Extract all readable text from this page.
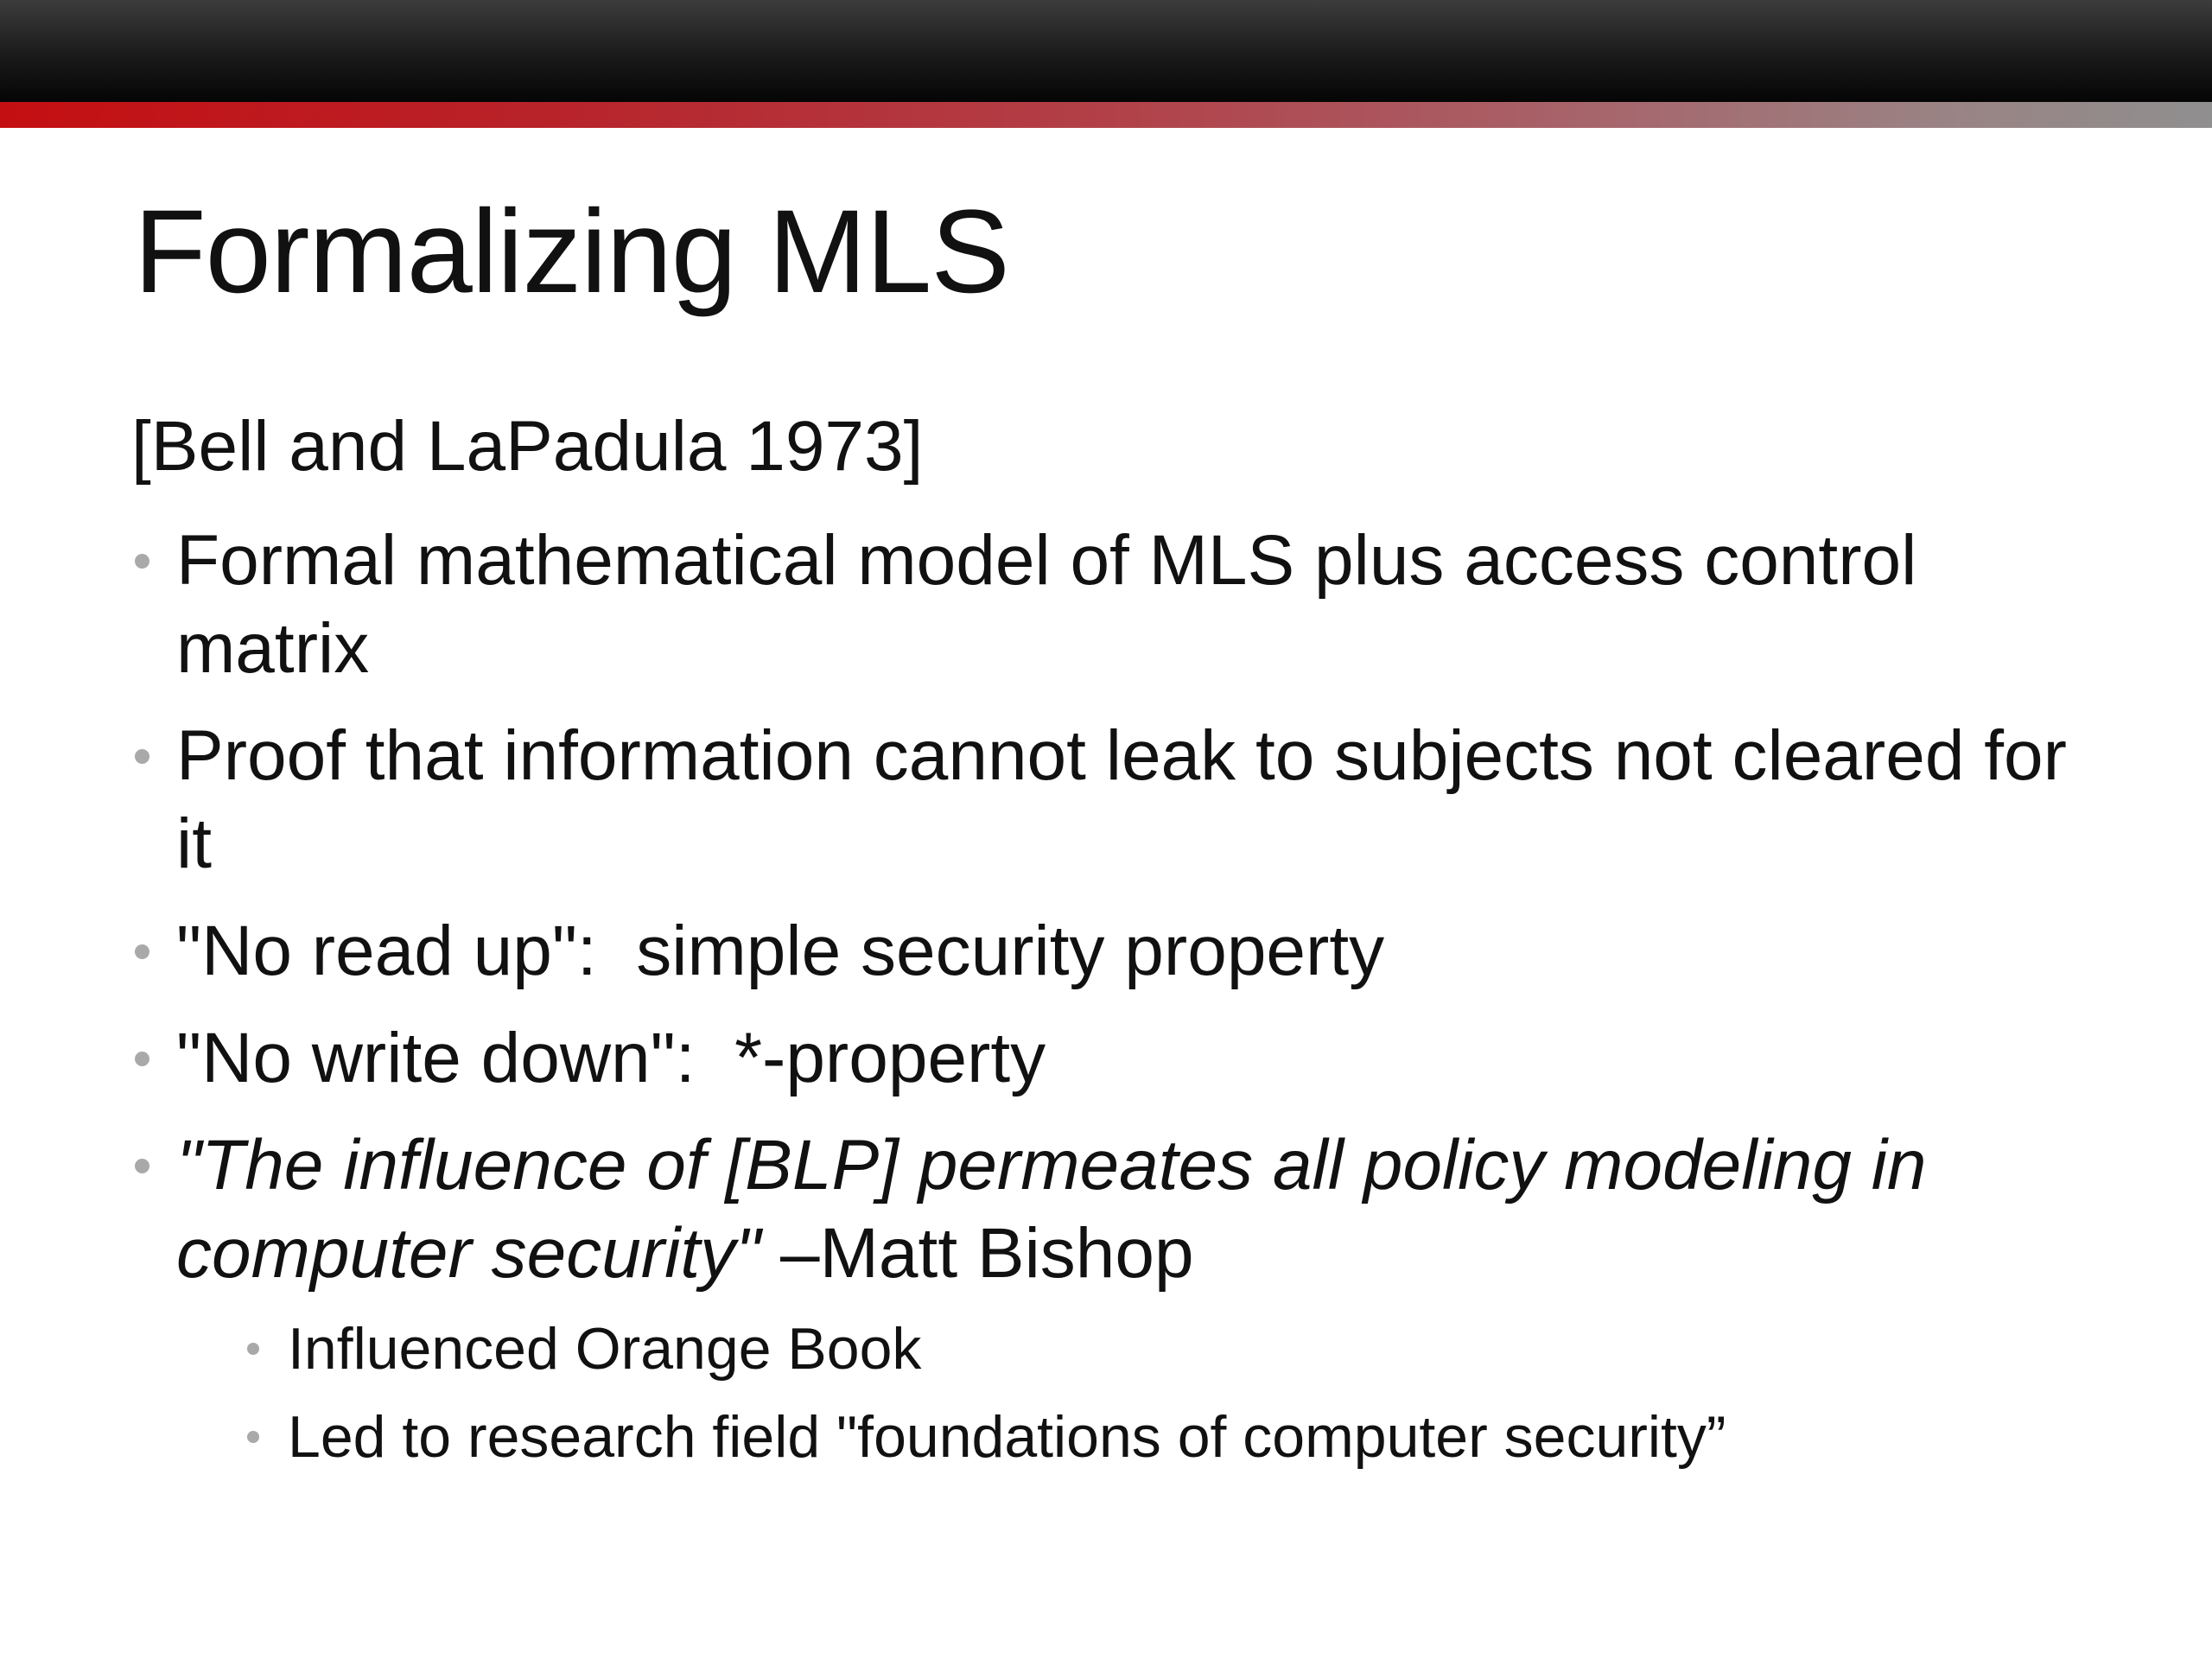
Formalizing MLS

[Bell and LaPadula 1973]

Formal mathematical model of MLS plus access control matrix
Proof that information cannot leak to subjects not cleared for it
"No read up":  simple security property
"No write down":  *-property
"The influence of [BLP] permeates all policy modeling in computer security" –Matt Bishop
Influenced Orange Book
Led to research field "foundations of computer security”
